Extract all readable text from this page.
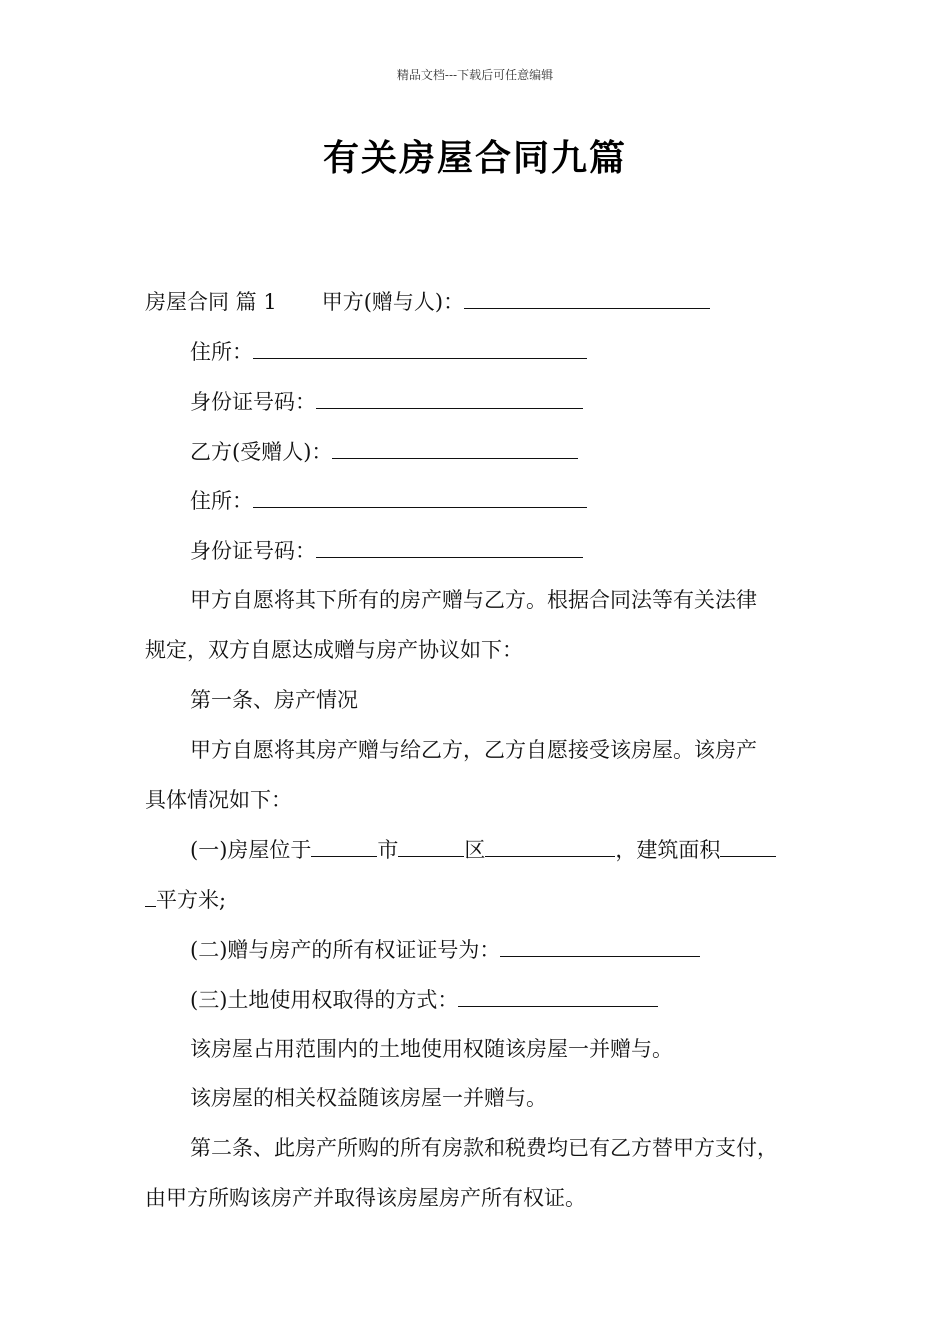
精品文档---下载后可任意编辑
有关房屋合同九篇
房屋合同 篇 1 甲方(赠与人)：
住所：
身份证号码：
乙方(受赠人)：
住所：
身份证号码：
甲方自愿将其下所有的房产赠与乙方。根据合同法等有关法律
规定，双方自愿达成赠与房产协议如下：
第一条、房产情况
甲方自愿将其房产赠与给乙方，乙方自愿接受该房屋。该房产
具体情况如下：
(一)房屋位于	市	区	，建筑面积
平方米;
(二)赠与房产的所有权证证号为：
(三)土地使用权取得的方式：
该房屋占用范围内的土地使用权随该房屋一并赠与。
该房屋的相关权益随该房屋一并赠与。
第二条、此房产所购的所有房款和税费均已有乙方替甲方支付，
由甲方所购该房产并取得该房屋房产所有权证。
